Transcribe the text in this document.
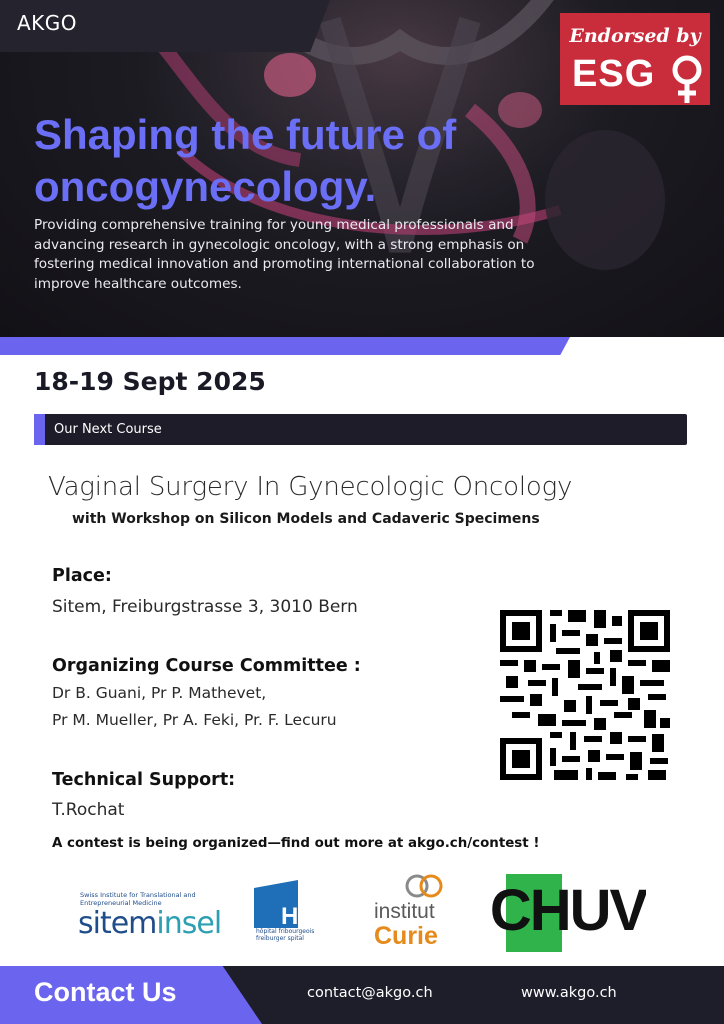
AKGO
Endorsed by
ESG
Shaping the future of oncogynecology.
Providing comprehensive training for young medical professionals and advancing research in gynecologic oncology, with a strong emphasis on fostering medical innovation and promoting international collaboration to improve healthcare outcomes.
18-19 Sept 2025
Our Next Course
Vaginal Surgery In Gynecologic Oncology
with Workshop on Silicon Models and Cadaveric Specimens
Place:
Sitem, Freiburgstrasse 3, 3010 Bern
Organizing Course Committee :
Dr B. Guani, Pr P. Mathevet,
Pr M. Mueller, Pr A. Feki, Pr. F. Lecuru
Technical Support:
T.Rochat
A contest is being organized—find out more at akgo.ch/contest !
Swiss Institute for Translational and Entrepreneurial Medicine
siteminsel HFR
hôpital fribourgeois freiburger spital
institut
Curie CHUV
Contact Us	contact@akgo.ch	www.akgo.ch
